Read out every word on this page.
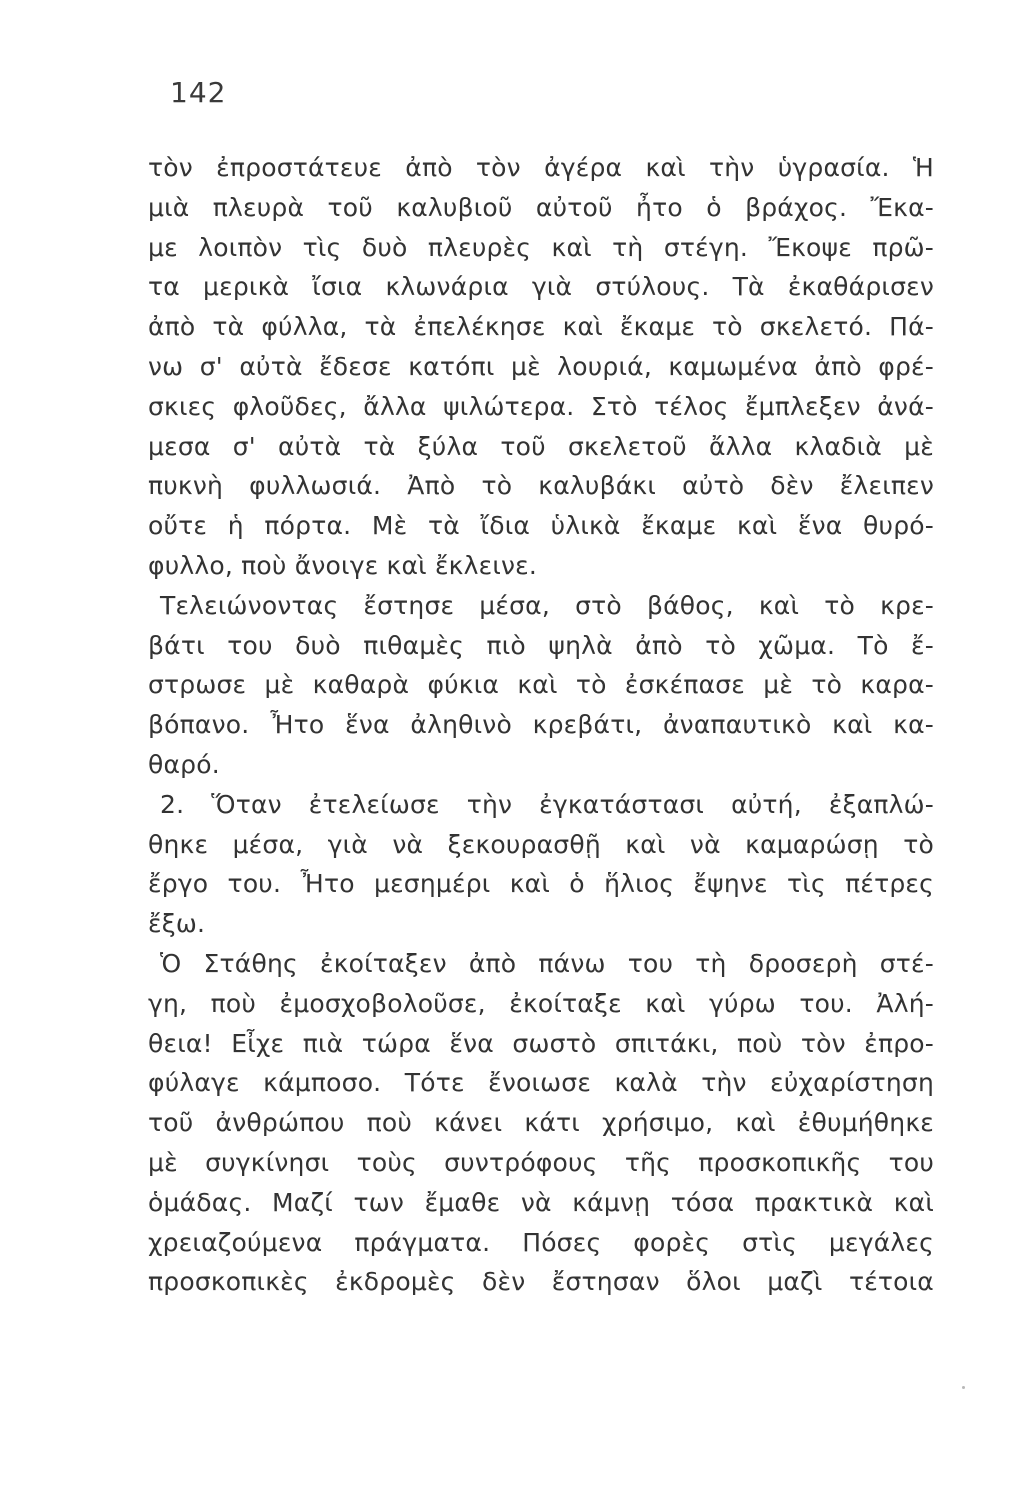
142
τὸν ἐπροστάτευε ἀπὸ τὸν ἀγέρα καὶ τὴν ὑγρασία. Ἡ
μιὰ πλευρὰ τοῦ καλυβιοῦ αὐτοῦ ἦτο ὁ βράχος. Ἔκα-
με λοιπὸν τὶς δυὸ πλευρὲς καὶ τὴ στέγη. Ἔκοψε πρῶ-
τα μερικὰ ἴσια κλωνάρια γιὰ στύλους. Τὰ ἐκαθάρισεν
ἀπὸ τὰ φύλλα, τὰ ἐπελέκησε καὶ ἔκαμε τὸ σκελετό. Πά-
νω σ' αὐτὰ ἔδεσε κατόπι μὲ λουριά, καμωμένα ἀπὸ φρέ-
σκιες φλοῦδες, ἄλλα ψιλώτερα. Στὸ τέλος ἔμπλεξεν ἀνά-
μεσα σ' αὐτὰ τὰ ξύλα τοῦ σκελετοῦ ἄλλα κλαδιὰ μὲ
πυκνὴ φυλλωσιά. Ἀπὸ τὸ καλυβάκι αὐτὸ δὲν ἔλειπεν
οὔτε ἡ πόρτα. Μὲ τὰ ἴδια ὑλικὰ ἔκαμε καὶ ἕνα θυρό-
φυλλο, ποὺ ἄνοιγε καὶ ἔκλεινε.
Τελειώνοντας ἔστησε μέσα, στὸ βάθος, καὶ τὸ κρε-
βάτι του δυὸ πιθαμὲς πιὸ ψηλὰ ἀπὸ τὸ χῶμα. Τὸ ἔ-
στρωσε μὲ καθαρὰ φύκια καὶ τὸ ἐσκέπασε μὲ τὸ καρα-
βόπανο. Ἦτο ἕνα ἀληθινὸ κρεβάτι, ἀναπαυτικὸ καὶ κα-
θαρό.
2. Ὅταν ἐτελείωσε τὴν ἐγκατάστασι αὐτή, ἐξαπλώ-
θηκε μέσα, γιὰ νὰ ξεκουρασθῇ καὶ νὰ καμαρώσῃ τὸ
ἔργο του. Ἦτο μεσημέρι καὶ ὁ ἥλιος ἔψηνε τὶς πέτρες
ἔξω.
Ὁ Στάθης ἐκοίταξεν ἀπὸ πάνω του τὴ δροσερὴ στέ-
γη, ποὺ ἐμοσχοβολοῦσε, ἐκοίταξε καὶ γύρω του. Ἀλή-
θεια! Εἶχε πιὰ τώρα ἕνα σωστὸ σπιτάκι, ποὺ τὸν ἐπρο-
φύλαγε κάμποσο. Τότε ἔνοιωσε καλὰ τὴν εὐχαρίστηση
τοῦ ἀνθρώπου ποὺ κάνει κάτι χρήσιμο, καὶ ἐθυμήθηκε
μὲ συγκίνησι τοὺς συντρόφους τῆς προσκοπικῆς του
ὁμάδας. Μαζί των ἔμαθε νὰ κάμνῃ τόσα πρακτικὰ καὶ
χρειαζούμενα πράγματα. Πόσες φορὲς στὶς μεγάλες
προσκοπικὲς ἐκδρομὲς δὲν ἔστησαν ὅλοι μαζὶ τέτοια
